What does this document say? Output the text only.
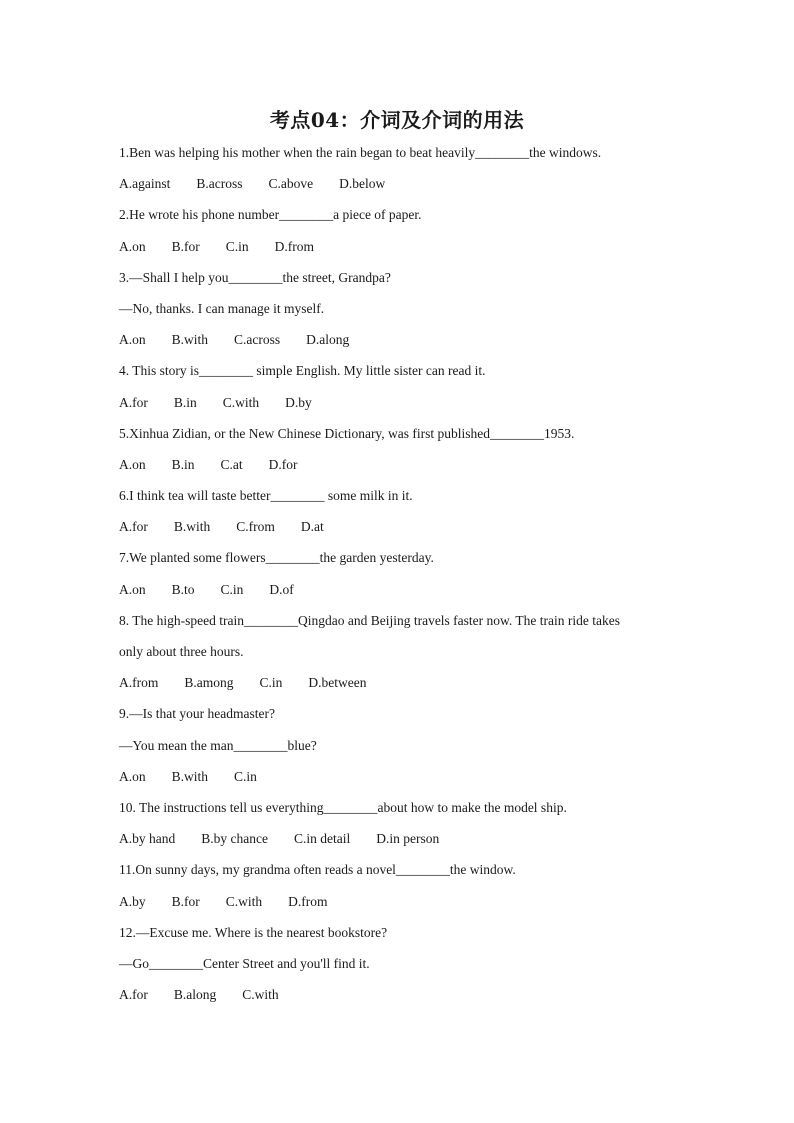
考点04：介词及介词的用法
1.Ben was helping his mother when the rain began to beat heavily________the windows.
A.against B.across C.above D.below
2.He wrote his phone number________a piece of paper.
A.on B.for C.in D.from
3.—Shall I help you________the street, Grandpa?
—No, thanks. I can manage it myself.
A.on B.with C.across D.along
4. This story is________ simple English. My little sister can read it.
A.for B.in C.with D.by
5.Xinhua Zidian, or the New Chinese Dictionary, was first published________1953.
A.on B.in C.at D.for
6.I think tea will taste better________ some milk in it.
A.for B.with C.from D.at
7.We planted some flowers________the garden yesterday.
A.on B.to C.in D.of
8. The high-speed train________Qingdao and Beijing travels faster now. The train ride takes
only about three hours.
A.from B.among C.in D.between
9.—Is that your headmaster?
—You mean the man________blue?
A.on B.with C.in
10. The instructions tell us everything________about how to make the model ship.
A.by hand B.by chance C.in detail D.in person
11.On sunny days, my grandma often reads a novel________the window.
A.by B.for C.with D.from
12.—Excuse me. Where is the nearest bookstore?
—Go________Center Street and you'll find it.
A.for B.along C.with
